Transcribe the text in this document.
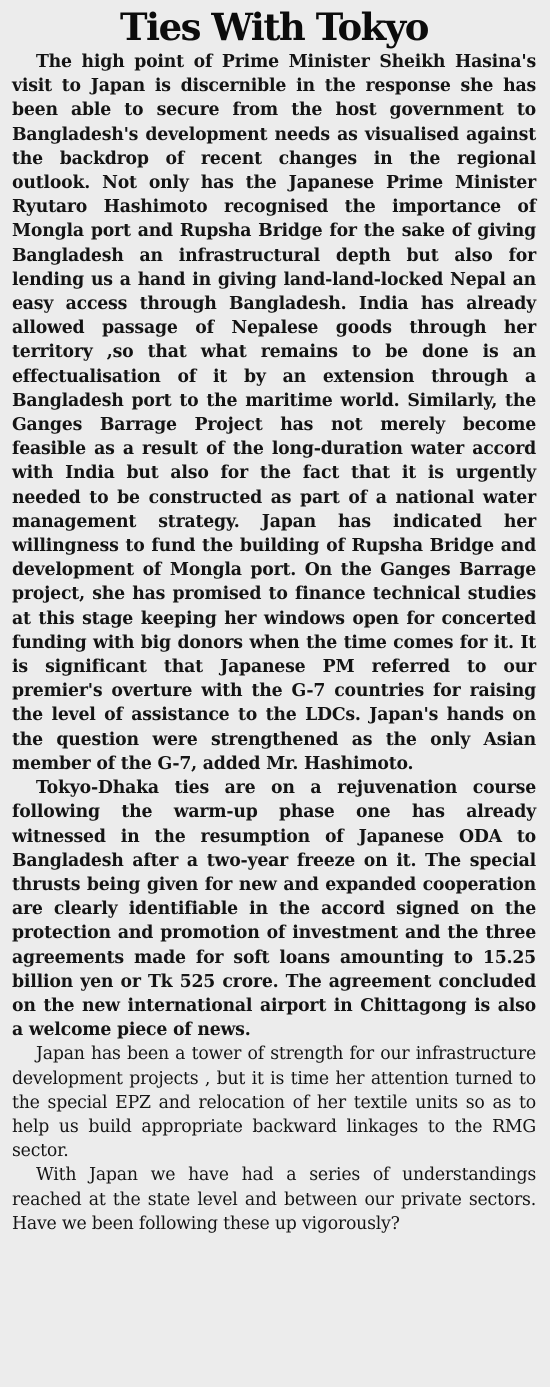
Ties With Tokyo

The high point of Prime Minister Sheikh Hasina's visit to Japan is discernible in the response she has been able to secure from the host government to Bangladesh's development needs as visualised against the backdrop of recent changes in the regional outlook. Not only has the Japanese Prime Minister Ryutaro Hashimoto recognised the importance of Mongla port and Rupsha Bridge for the sake of giving Bangladesh an infrastructural depth but also for lending us a hand in giving land-land-locked Nepal an easy access through Bangladesh. India has already allowed passage of Nepalese goods through her territory ,so that what remains to be done is an effectualisation of it by an extension through a Bangladesh port to the maritime world. Similarly, the Ganges Barrage Project has not merely become feasible as a result of the long-duration water accord with India but also for the fact that it is urgently needed to be constructed as part of a national water management strategy. Japan has indicated her willingness to fund the building of Rupsha Bridge and development of Mongla port. On the Ganges Barrage project, she has promised to finance technical studies at this stage keeping her windows open for concerted funding with big donors when the time comes for it. It is significant that Japanese PM referred to our premier's overture with the G-7 countries for raising the level of assistance to the LDCs. Japan's hands on the question were strengthened as the only Asian member of the G-7, added Mr. Hashimoto.

Tokyo-Dhaka ties are on a rejuvenation course following the warm-up phase one has already witnessed in the resumption of Japanese ODA to Bangladesh after a two-year freeze on it. The special thrusts being given for new and expanded cooperation are clearly identifiable in the accord signed on the protection and promotion of investment and the three agreements made for soft loans amounting to 15.25 billion yen or Tk 525 crore. The agreement concluded on the new international airport in Chittagong is also a welcome piece of news.

Japan has been a tower of strength for our infrastructure development projects , but it is time her attention turned to the special EPZ and relocation of her textile units so as to help us build appropriate backward linkages to the RMG sector.

With Japan we have had a series of understandings reached at the state level and between our private sectors. Have we been following these up vigorously?
